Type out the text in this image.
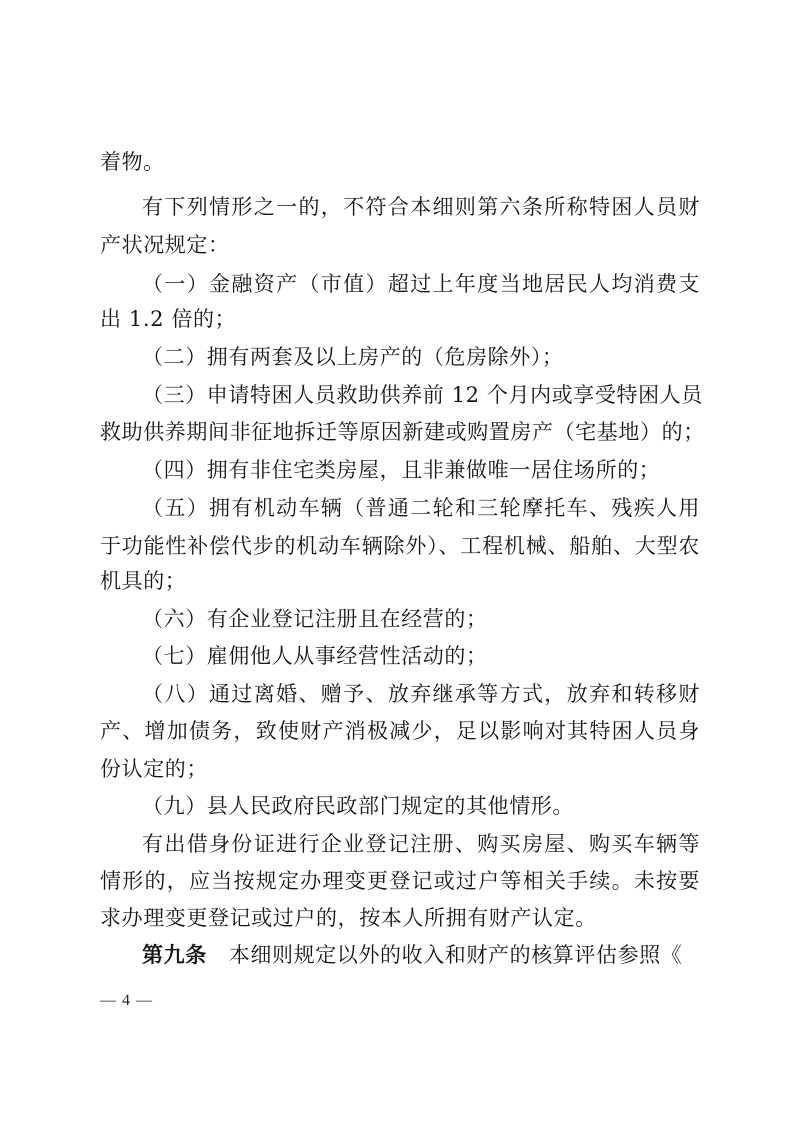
着物。
有下列情形之一的，不符合本细则第六条所称特困人员财
产状况规定：
（一）金融资产（市值）超过上年度当地居民人均消费支
出 1.2 倍的；
（二）拥有两套及以上房产的（危房除外）；
（三）申请特困人员救助供养前 12 个月内或享受特困人员
救助供养期间非征地拆迁等原因新建或购置房产（宅基地）的；
（四）拥有非住宅类房屋，且非兼做唯一居住场所的；
（五）拥有机动车辆（普通二轮和三轮摩托车、残疾人用
于功能性补偿代步的机动车辆除外）、工程机械、船舶、大型农
机具的；
（六）有企业登记注册且在经营的；
（七）雇佣他人从事经营性活动的；
（八）通过离婚、赠予、放弃继承等方式，放弃和转移财
产、增加债务，致使财产消极减少，足以影响对其特困人员身
份认定的；
（九）县人民政府民政部门规定的其他情形。
有出借身份证进行企业登记注册、购买房屋、购买车辆等
情形的，应当按规定办理变更登记或过户等相关手续。未按要
求办理变更登记或过户的，按本人所拥有财产认定。
第九条 本细则规定以外的收入和财产的核算评估参照《
— 4 —
